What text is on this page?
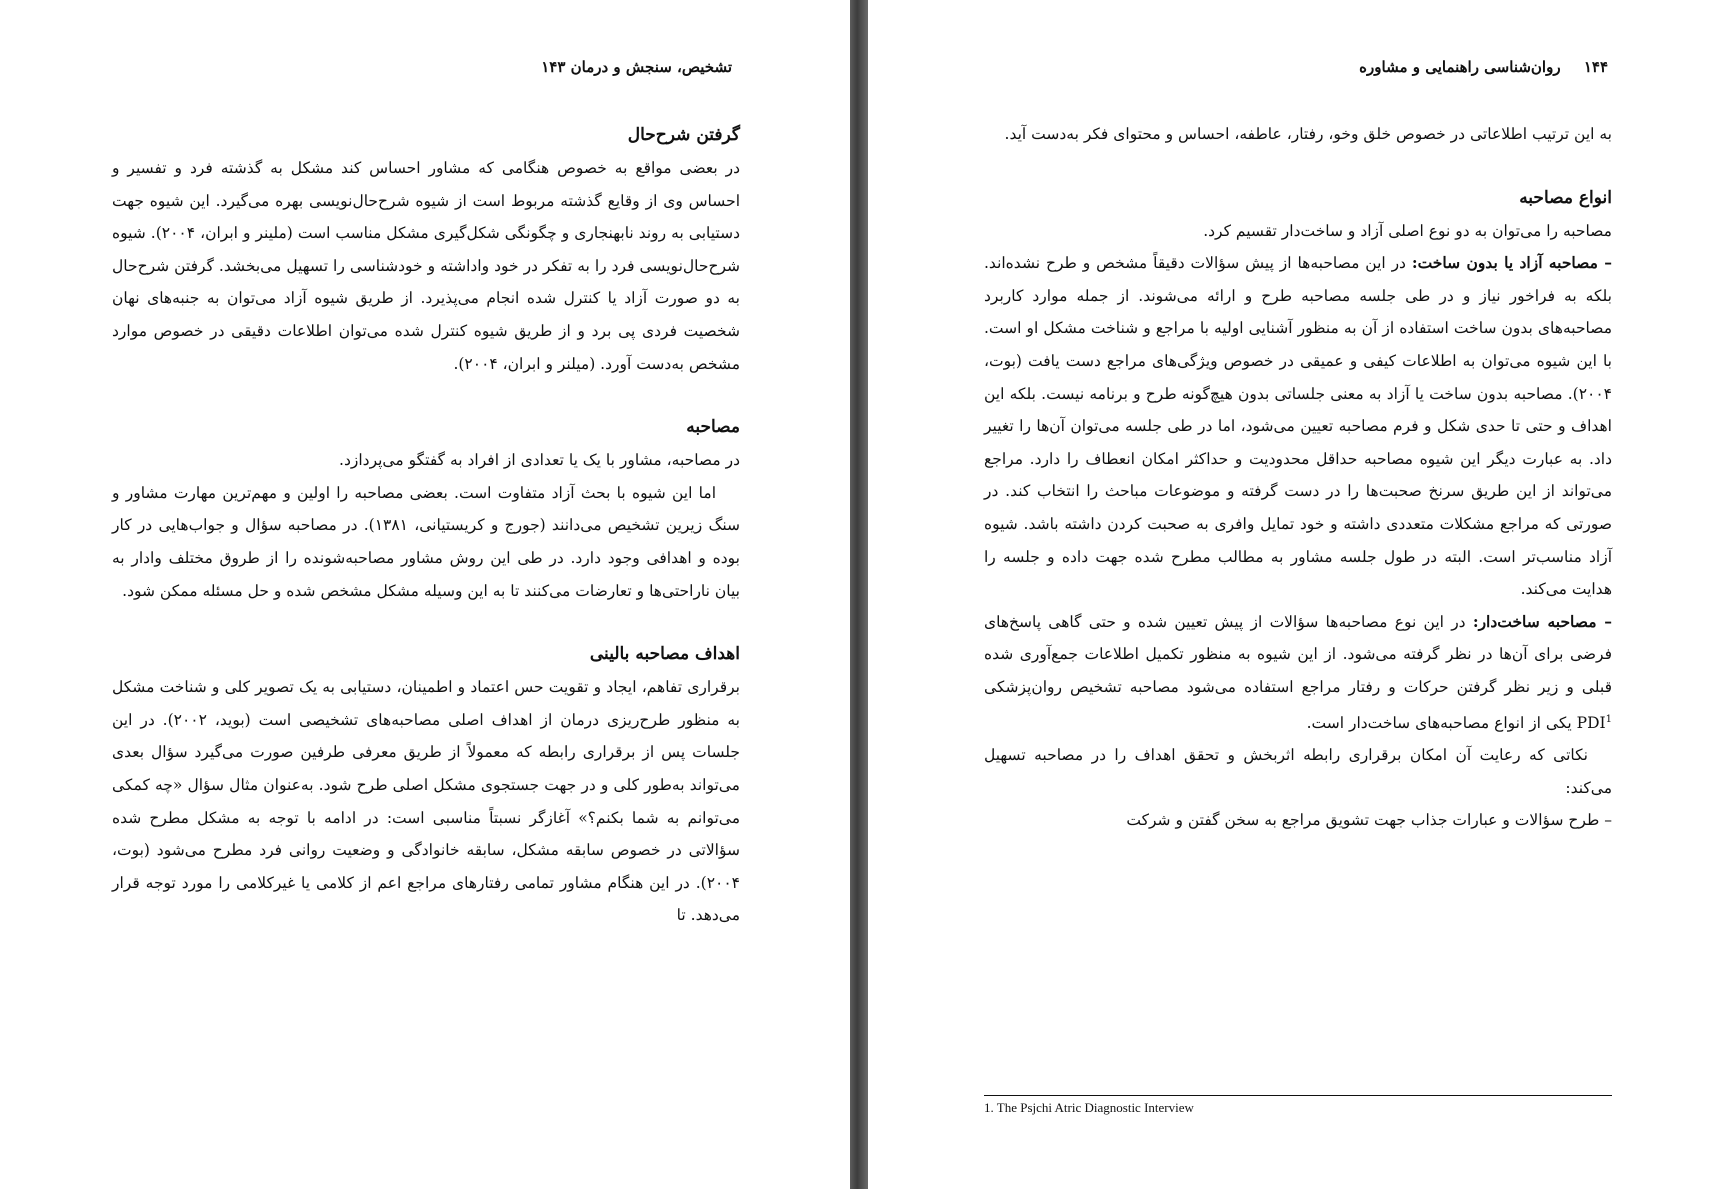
تشخیص، سنجش و درمان ۱۴۳
گرفتن شرح‌حال

در بعضی مواقع به خصوص هنگامی که مشاور احساس کند مشکل به گذشته فرد و تفسیر و احساس وی از وقایع گذشته مربوط است از شیوه شرح‌حال‌نویسی بهره می‌گیرد. این شیوه جهت دستیابی به روند نابهنجاری و چگونگی شکل‌گیری مشکل مناسب است (ملینر و ابران، ۲۰۰۴). شیوه شرح‌حال‌نویسی فرد را به تفکر در خود واداشته و خودشناسی را تسهیل می‌بخشد. گرفتن شرح‌حال به دو صورت آزاد یا کنترل شده انجام می‌پذیرد. از طریق شیوه آزاد می‌توان به جنبه‌های نهان شخصیت فردی پی برد و از طریق شیوه کنترل شده می‌توان اطلاعات دقیقی در خصوص موارد مشخص به‌دست آورد. (میلنر و ابران، ۲۰۰۴).

مصاحبه

در مصاحبه، مشاور با یک یا تعدادی از افراد به گفتگو می‌پردازد.

اما این شیوه با بحث آزاد متفاوت است. بعضی مصاحبه را اولین و مهم‌ترین مهارت مشاور و سنگ زیرین تشخیص می‌دانند (جورج و کریستیانی، ۱۳۸۱). در مصاحبه سؤال و جواب‌هایی در کار بوده و اهدافی وجود دارد. در طی این روش مشاور مصاحبه‌شونده را از طروق مختلف وادار به بیان ناراحتی‌ها و تعارضات می‌کنند تا به این وسیله مشکل مشخص شده و حل مسئله ممکن شود.

اهداف مصاحبه بالینی

برقراری تفاهم، ایجاد و تقویت حس اعتماد و اطمینان، دستیابی به یک تصویر کلی و شناخت مشکل به منظور طرح‌ریزی درمان از اهداف اصلی مصاحبه‌های تشخیصی است (بوید، ۲۰۰۲). در این جلسات پس از برقراری رابطه که معمولاً از طریق معرفی طرفین صورت می‌گیرد سؤال بعدی می‌تواند به‌طور کلی و در جهت جستجوی مشکل اصلی طرح شود. به‌عنوان مثال سؤال «چه کمکی می‌توانم به شما بکنم؟» آغازگر نسبتاً مناسبی است: در ادامه با توجه به مشکل مطرح شده سؤالاتی در خصوص سابقه مشکل، سابقه خانوادگی و وضعیت روانی فرد مطرح می‌شود (بوت، ۲۰۰۴). در این هنگام مشاور تمامی رفتارهای مراجع اعم از کلامی یا غیرکلامی را مورد توجه قرار می‌دهد. تا

۱۴۴ روان‌شناسی راهنمایی و مشاوره

به این ترتیب اطلاعاتی در خصوص خلق وخو، رفتار، عاطفه، احساس و محتوای فکر به‌دست آید.

انواع مصاحبه

مصاحبه را می‌توان به دو نوع اصلی آزاد و ساخت‌دار تقسیم کرد.

– مصاحبه آزاد یا بدون ساخت: در این مصاحبه‌ها از پیش سؤالات دقیقاً مشخص و طرح نشده‌اند. بلکه به فراخور نیاز و در طی جلسه مصاحبه طرح و ارائه می‌شوند. از جمله موارد کاربرد مصاحبه‌های بدون ساخت استفاده از آن به منظور آشنایی اولیه با مراجع و شناخت مشکل او است. با این شیوه می‌توان به اطلاعات کیفی و عمیقی در خصوص ویژگی‌های مراجع دست یافت (بوت، ۲۰۰۴). مصاحبه بدون ساخت یا آزاد به معنی جلساتی بدون هیچ‌گونه طرح و برنامه نیست. بلکه این اهداف و حتی تا حدی شکل و فرم مصاحبه تعیین می‌شود، اما در طی جلسه می‌توان آن‌ها را تغییر داد. به عبارت دیگر این شیوه مصاحبه حداقل محدودیت و حداکثر امکان انعطاف را دارد. مراجع می‌تواند از این طریق سرنخ صحبت‌ها را در دست گرفته و موضوعات مباحث را انتخاب کند. در صورتی که مراجع مشکلات متعددی داشته و خود تمایل وافری به صحبت کردن داشته باشد. شیوه آزاد مناسب‌تر است. البته در طول جلسه مشاور به مطالب مطرح شده جهت داده و جلسه را هدایت می‌کند.

– مصاحبه ساخت‌دار: در این نوع مصاحبه‌ها سؤالات از پیش تعیین شده و حتی گاهی پاسخ‌های فرضی برای آن‌ها در نظر گرفته می‌شود. از این شیوه به منظور تکمیل اطلاعات جمع‌آوری شده قبلی و زیر نظر گرفتن حرکات و رفتار مراجع استفاده می‌شود مصاحبه تشخیص روان‌پزشکی PDI$^1$ یکی از انواع مصاحبه‌های ساخت‌دار است.

نکاتی که رعایت آن امکان برقراری رابطه اثربخش و تحقق اهداف را در مصاحبه تسهیل می‌کند:

– طرح سؤالات و عبارات جذاب جهت تشویق مراجع به سخن گفتن و شرکت

1. The Psjchi Atric Diagnostic Interview
